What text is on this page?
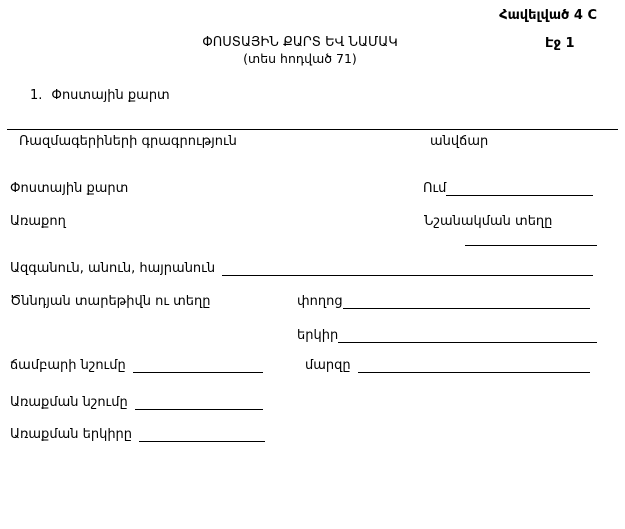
Հավելված 4 C
Էջ 1
ՓՈՍՏԱՅԻՆ ՔԱՐՏ ԵՎ ՆԱՄԱԿ
(տես հոդված 71)
1. Փոստային քարտ
Ռազմագերիների գրագրություն	անվճար
Փոստային քարտ	Ում
Առաքող	Նշանակման տեղը
Ազգանուն, անուն, հայրանուն
Ծննդյան տարեթիվն ու տեղը	փողոց
երկիր
ճամբարի նշումը	մարզը
Առաքման նշումը
Առաքման երկիրը
